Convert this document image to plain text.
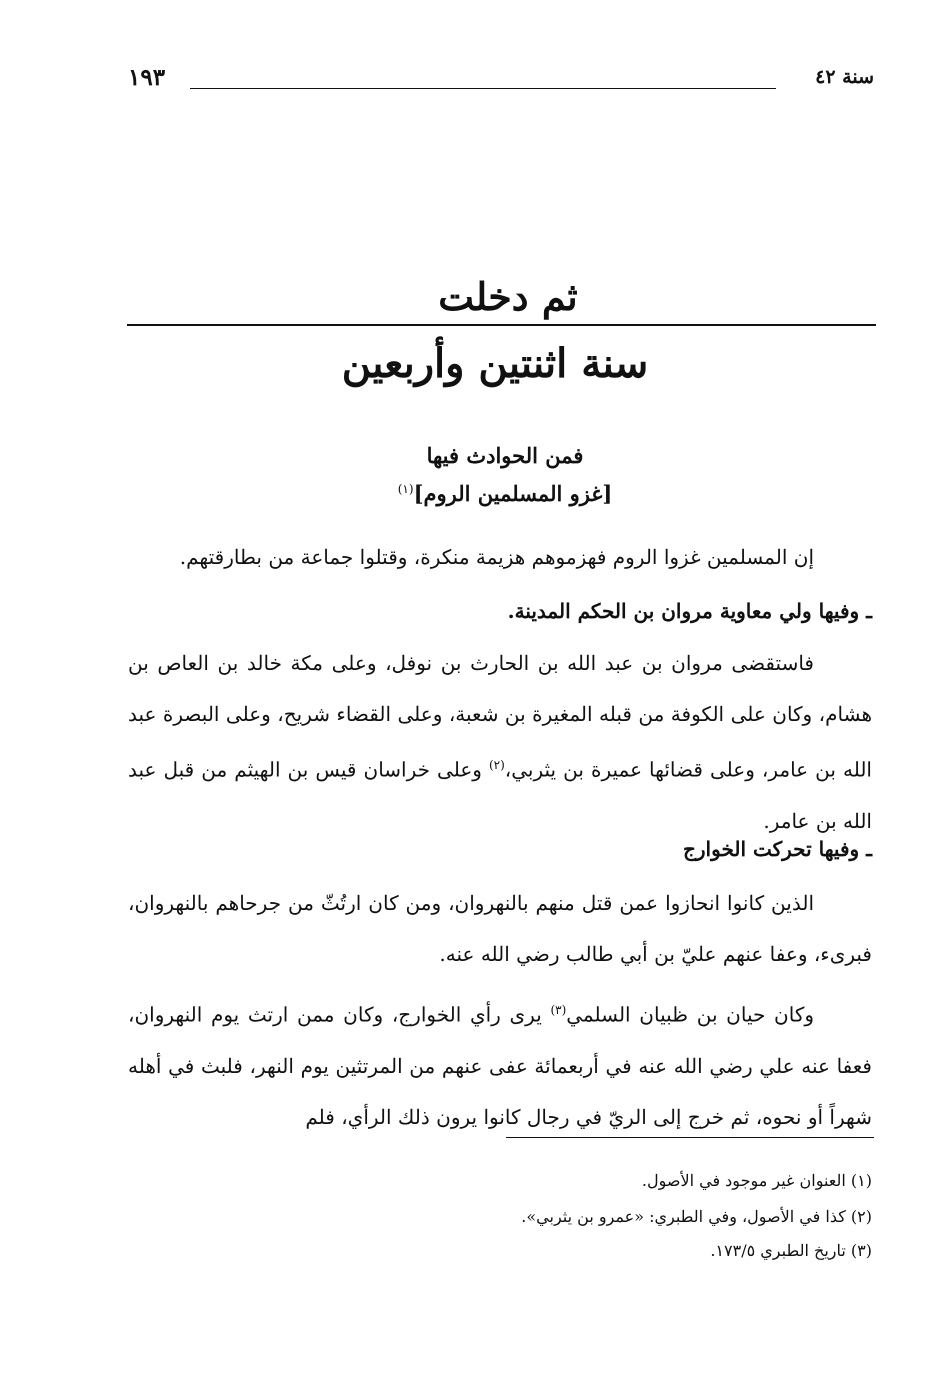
سنة ٤٢
١٩٣
ثم دخلت
سنة اثنتين وأربعين
فمن الحوادث فيها
[غزو المسلمين الروم]$^{(١)}$
إن المسلمين غزوا الروم فهزموهم هزيمة منكرة، وقتلوا جماعة من بطارقتهم.
ـ وفيها ولي معاوية مروان بن الحكم المدينة.
فاستقضى مروان بن عبد الله بن الحارث بن نوفل، وعلى مكة خالد بن العاص بن هشام، وكان على الكوفة من قبله المغيرة بن شعبة، وعلى القضاء شريح، وعلى البصرة عبد الله بن عامر، وعلى قضائها عميرة بن يثربي،$^{(٢)}$ وعلى خراسان قيس بن الهيثم من قبل عبد الله بن عامر.
ـ وفيها تحركت الخوارج
الذين كانوا انحازوا عمن قتل منهم بالنهروان، ومن كان ارتُثّ من جرحاهم بالنهروان، فبرىء، وعفا عنهم عليّ بن أبي طالب رضي الله عنه.
وكان حيان بن ظبيان السلمي$^{(٣)}$ يرى رأي الخوارج، وكان ممن ارتث يوم النهروان، فعفا عنه علي رضي الله عنه في أربعمائة عفى عنهم من المرتثين يوم النهر، فلبث في أهله شهراً أو نحوه، ثم خرج إلى الريّ في رجال كانوا يرون ذلك الرأي، فلم
(١) العنوان غير موجود في الأصول.
(٢) كذا في الأصول، وفي الطبري: «عمرو بن يثربي».
(٣) تاريخ الطبري ١٧٣/٥.
